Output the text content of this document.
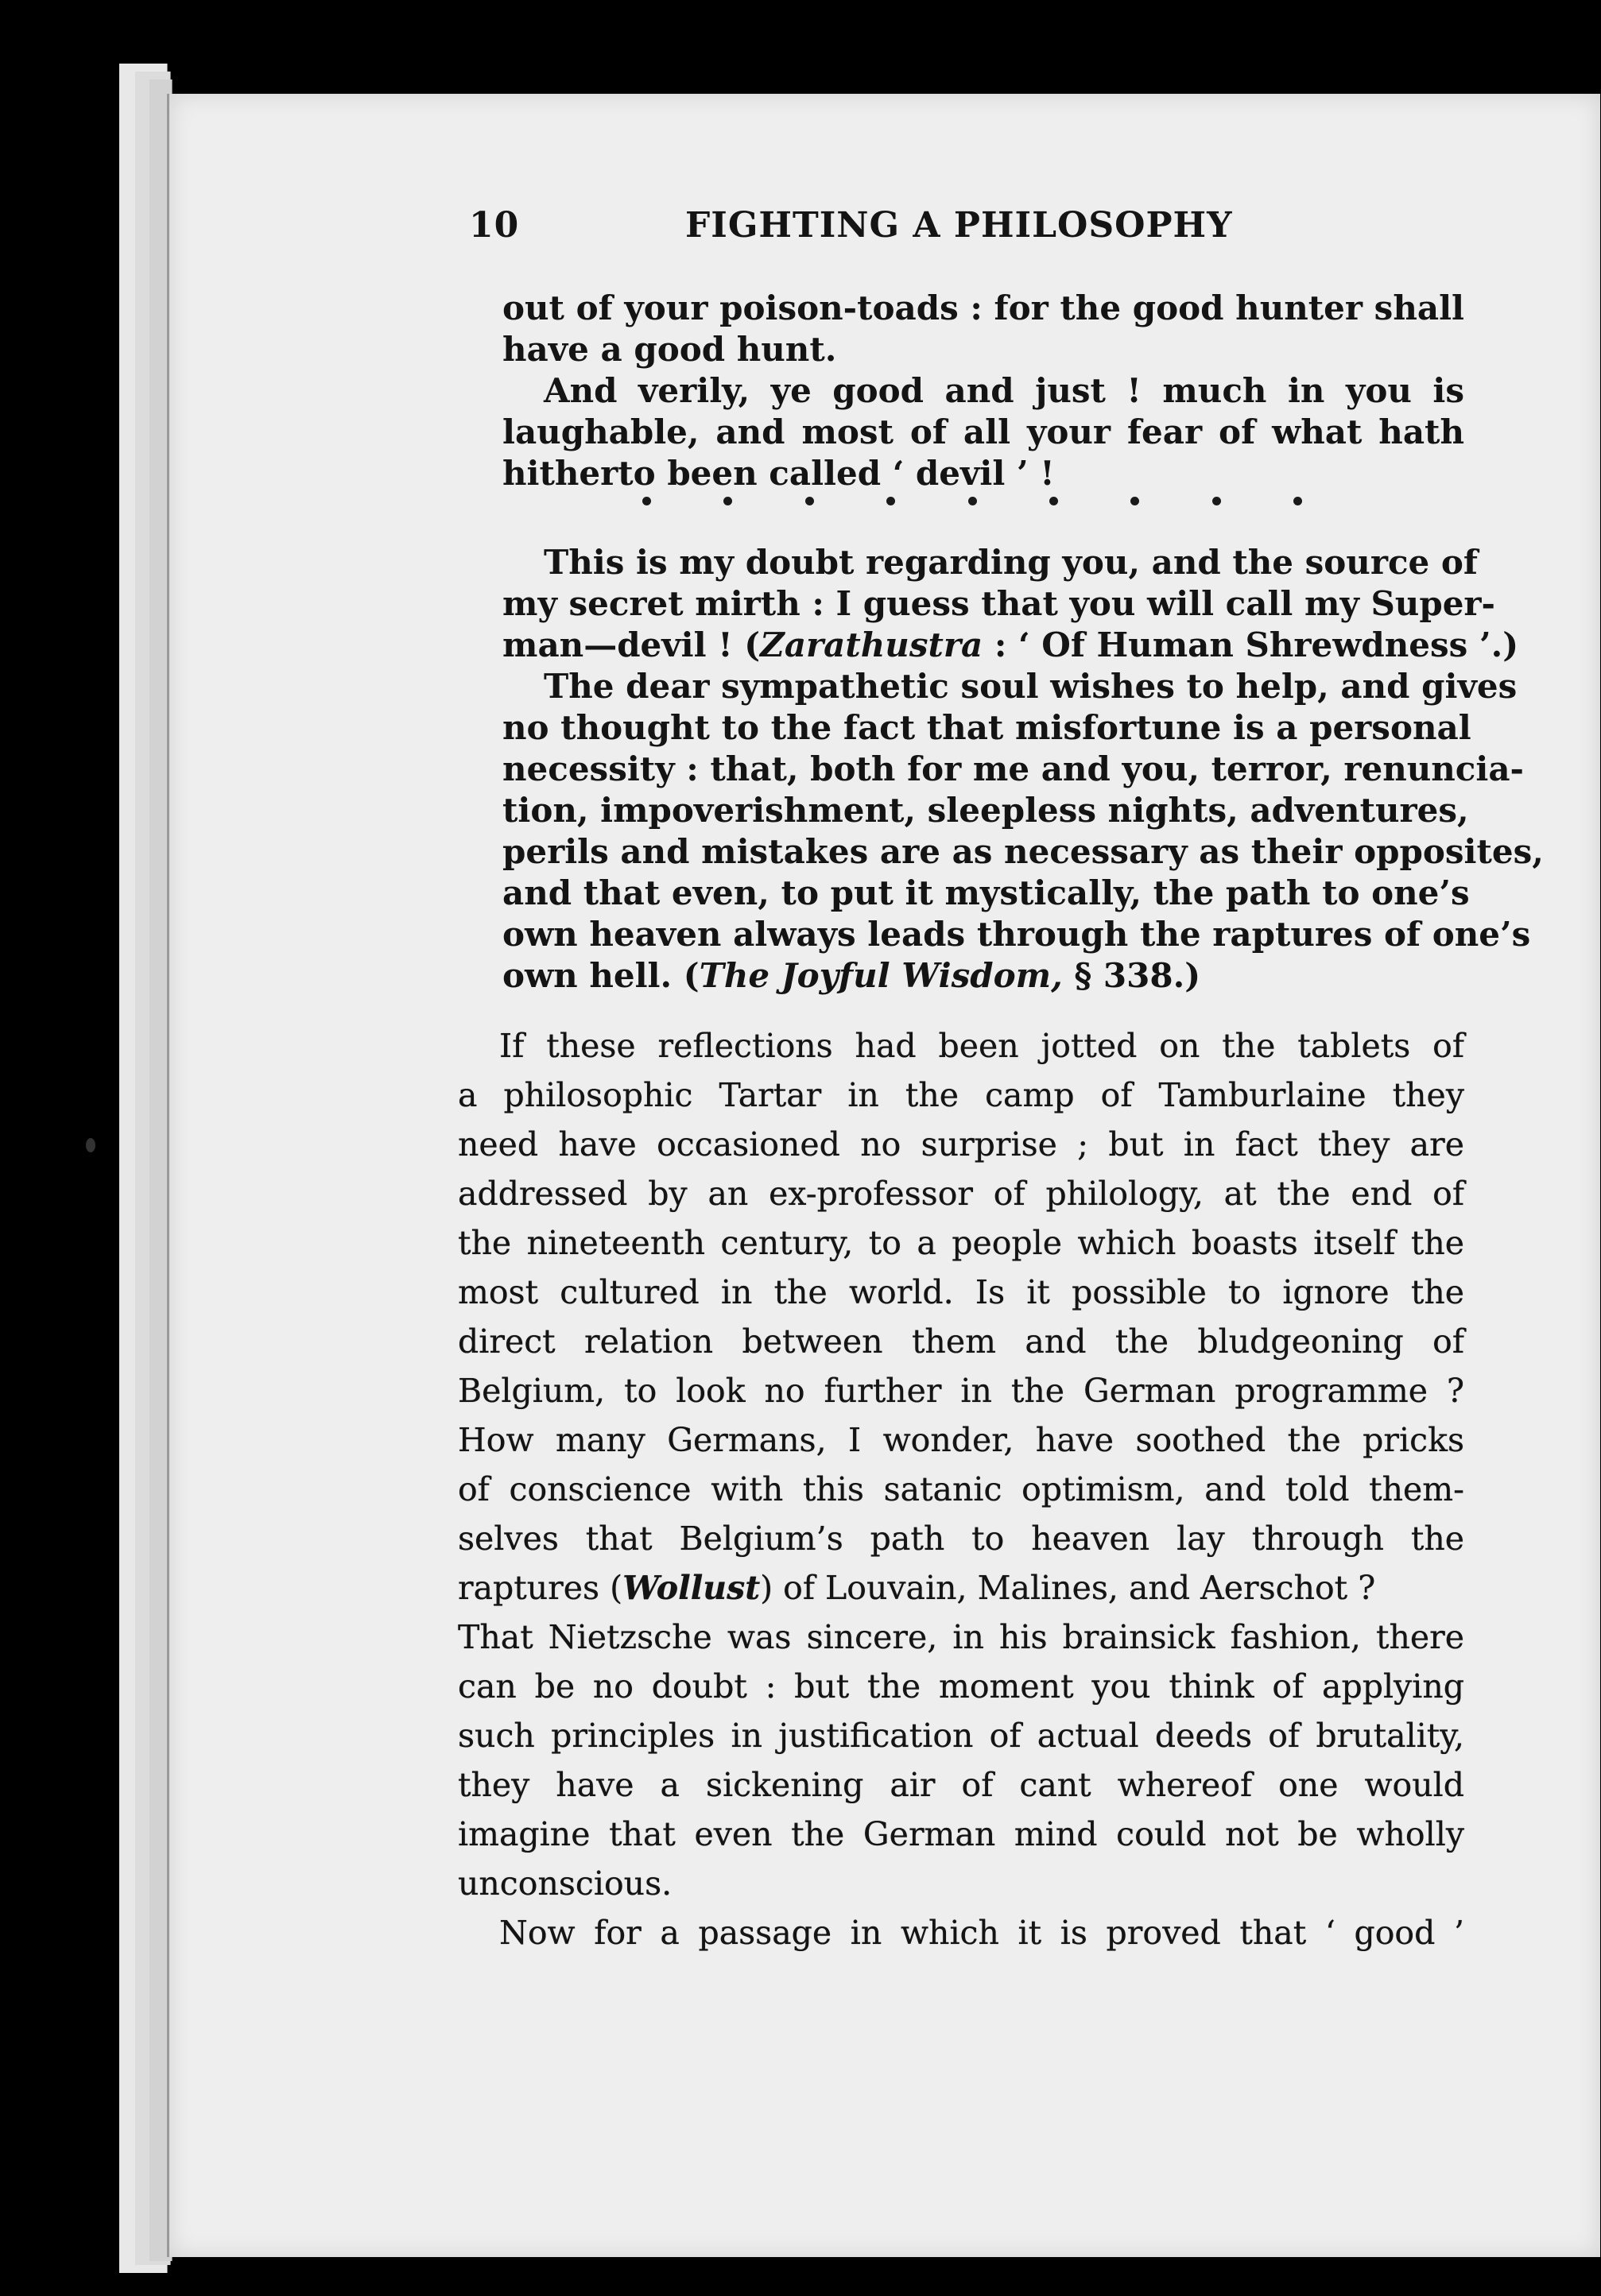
10	FIGHTING A PHILOSOPHY
out of your poison-toads : for the good hunter shall
have a good hunt.
And verily, ye good and just ! much in you is
laughable, and most of all your fear of what hath
hitherto been called ‘ devil ’ !
This is my doubt regarding you, and the source of
my secret mirth : I guess that you will call my Super-
man—devil ! (Zarathustra : ‘ Of Human Shrewdness ’.)
The dear sympathetic soul wishes to help, and gives
no thought to the fact that misfortune is a personal
necessity : that, both for me and you, terror, renuncia-
tion, impoverishment, sleepless nights, adventures,
perils and mistakes are as necessary as their opposites,
and that even, to put it mystically, the path to one’s
own heaven always leads through the raptures of one’s
own hell. (The Joyful Wisdom, § 338.)
If these reflections had been jotted on the tablets of
a philosophic Tartar in the camp of Tamburlaine they
need have occasioned no surprise ; but in fact they are
addressed by an ex-professor of philology, at the end of
the nineteenth century, to a people which boasts itself the
most cultured in the world. Is it possible to ignore the
direct relation between them and the bludgeoning of
Belgium, to look no further in the German programme ?
How many Germans, I wonder, have soothed the pricks
of conscience with this satanic optimism, and told them-
selves that Belgium’s path to heaven lay through the
raptures (Wollust) of Louvain, Malines, and Aerschot ?
That Nietzsche was sincere, in his brainsick fashion, there
can be no doubt : but the moment you think of applying
such principles in justification of actual deeds of brutality,
they have a sickening air of cant whereof one would
imagine that even the German mind could not be wholly
unconscious.
Now for a passage in which it is proved that ‘ good ’
